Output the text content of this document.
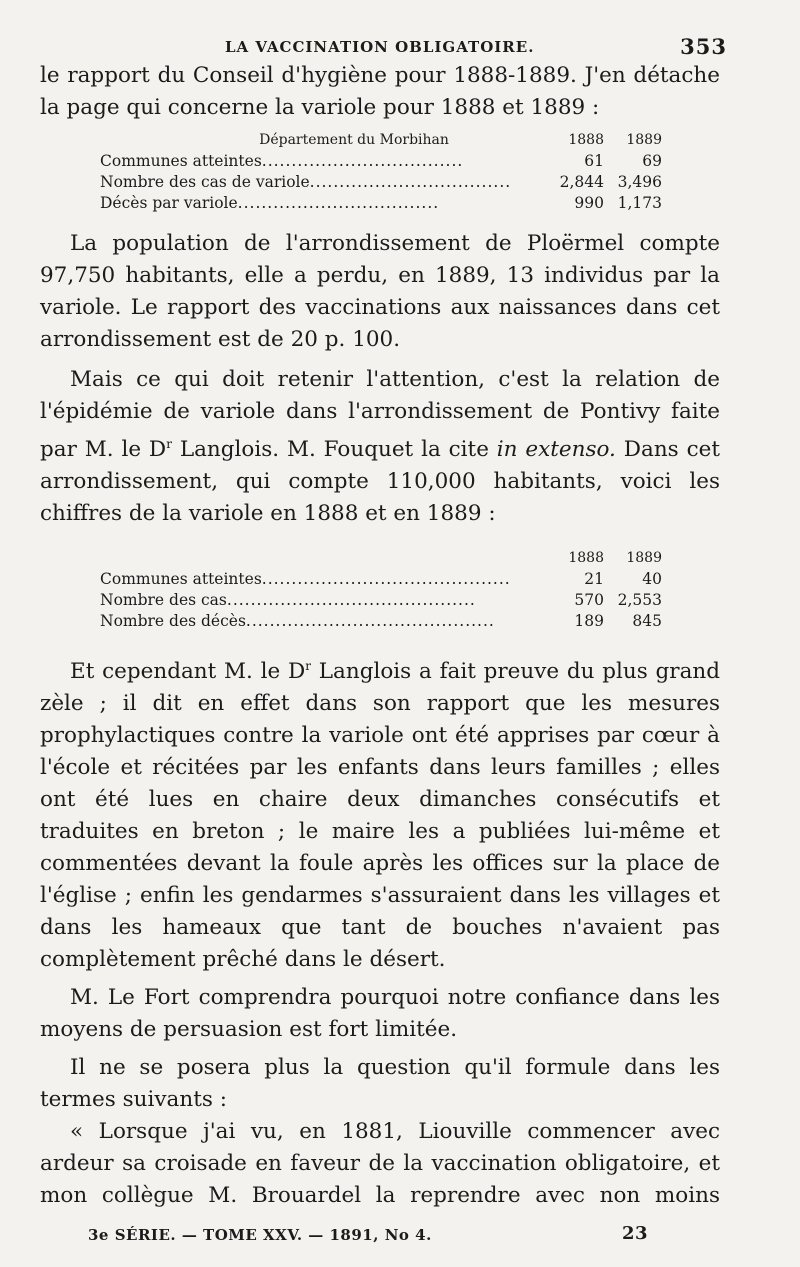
LA VACCINATION OBLIGATOIRE.	353

le rapport du Conseil d'hygiène pour 1888-1889. J'en détache la page qui concerne la variole pour 1888 et 1889 :

Département du Morbihan	1888	1889
Communes atteintes..................................	61	69
Nombre des cas de variole..................................	2,844 3,496
Décès par variole..................................	990 1,173

La population de l'arrondissement de Ploërmel compte 97,750 habitants, elle a perdu, en 1889, 13 individus par la variole. Le rapport des vaccinations aux naissances dans cet arrondissement est de 20 p. 100.

Mais ce qui doit retenir l'attention, c'est la relation de l'épidémie de variole dans l'arrondissement de Pontivy faite par M. le $D^r$ Langlois. M. Fouquet la cite in extenso. Dans cet arrondissement, qui compte 110,000 habitants, voici les chiffres de la variole en 1888 et en 1889 :

1888	1889
Communes atteintes..........................................	21	40
Nombre des cas..........................................	570 2,553
Nombre des décès..........................................	189	845

Et cependant M. le $D^r$ Langlois a fait preuve du plus grand zèle ; il dit en effet dans son rapport que les mesures prophylactiques contre la variole ont été apprises par cœur à l'école et récitées par les enfants dans leurs familles ; elles ont été lues en chaire deux dimanches consécutifs et traduites en breton ; le maire les a publiées lui-même et commentées devant la foule après les offices sur la place de l'église ; enfin les gendarmes s'assuraient dans les villages et dans les hameaux que tant de bouches n'avaient pas complètement prêché dans le désert.

M. Le Fort comprendra pourquoi notre confiance dans les moyens de persuasion est fort limitée.

Il ne se posera plus la question qu'il formule dans les termes suivants :

« Lorsque j'ai vu, en 1881, Liouville commencer avec ardeur sa croisade en faveur de la vaccination obligatoire, et mon collègue M. Brouardel la reprendre avec non moins

3e SÉRIE. — TOME XXV. — 1891, No 4.	23
